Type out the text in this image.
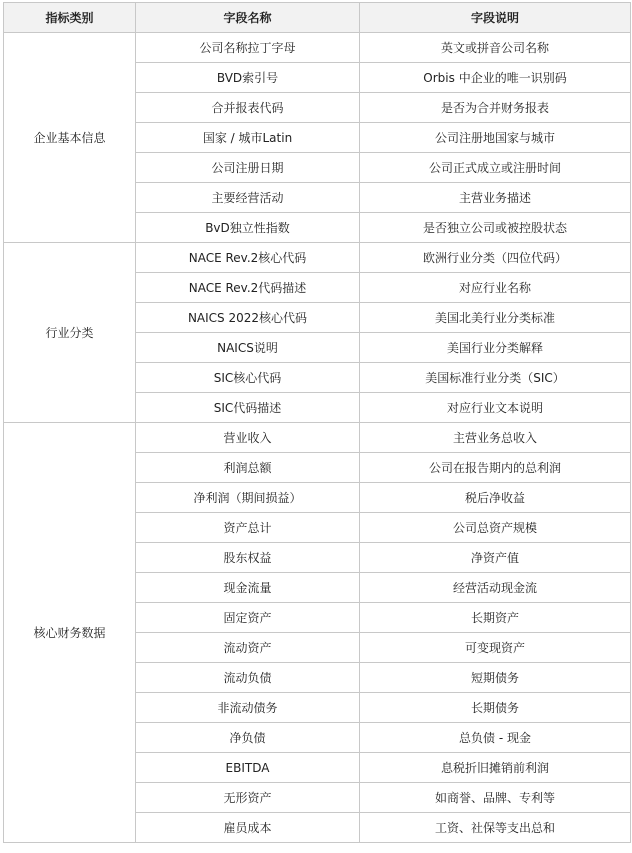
指标类别	字段名称	字段说明
企业基本信息	公司名称拉丁字母	英文或拼音公司名称
	BVD索引号	Orbis 中企业的唯一识别码
	合并报表代码	是否为合并财务报表
	国家 / 城市Latin	公司注册地国家与城市
	公司注册日期	公司正式成立或注册时间
	主要经营活动	主营业务描述
	BvD独立性指数	是否独立公司或被控股状态
行业分类	NACE Rev.2核心代码	欧洲行业分类（四位代码）
	NACE Rev.2代码描述	对应行业名称
	NAICS 2022核心代码	美国北美行业分类标准
	NAICS说明	美国行业分类解释
	SIC核心代码	美国标准行业分类（SIC）
	SIC代码描述	对应行业文本说明
核心财务数据	营业收入	主营业务总收入
	利润总额	公司在报告期内的总利润
	净利润（期间损益）	税后净收益
	资产总计	公司总资产规模
	股东权益	净资产值
	现金流量	经营活动现金流
	固定资产	长期资产
	流动资产	可变现资产
	流动负债	短期债务
	非流动债务	长期债务
	净负债	总负债 - 现金
	EBITDA	息税折旧摊销前利润
	无形资产	如商誉、品牌、专利等
	雇员成本	工资、社保等支出总和
